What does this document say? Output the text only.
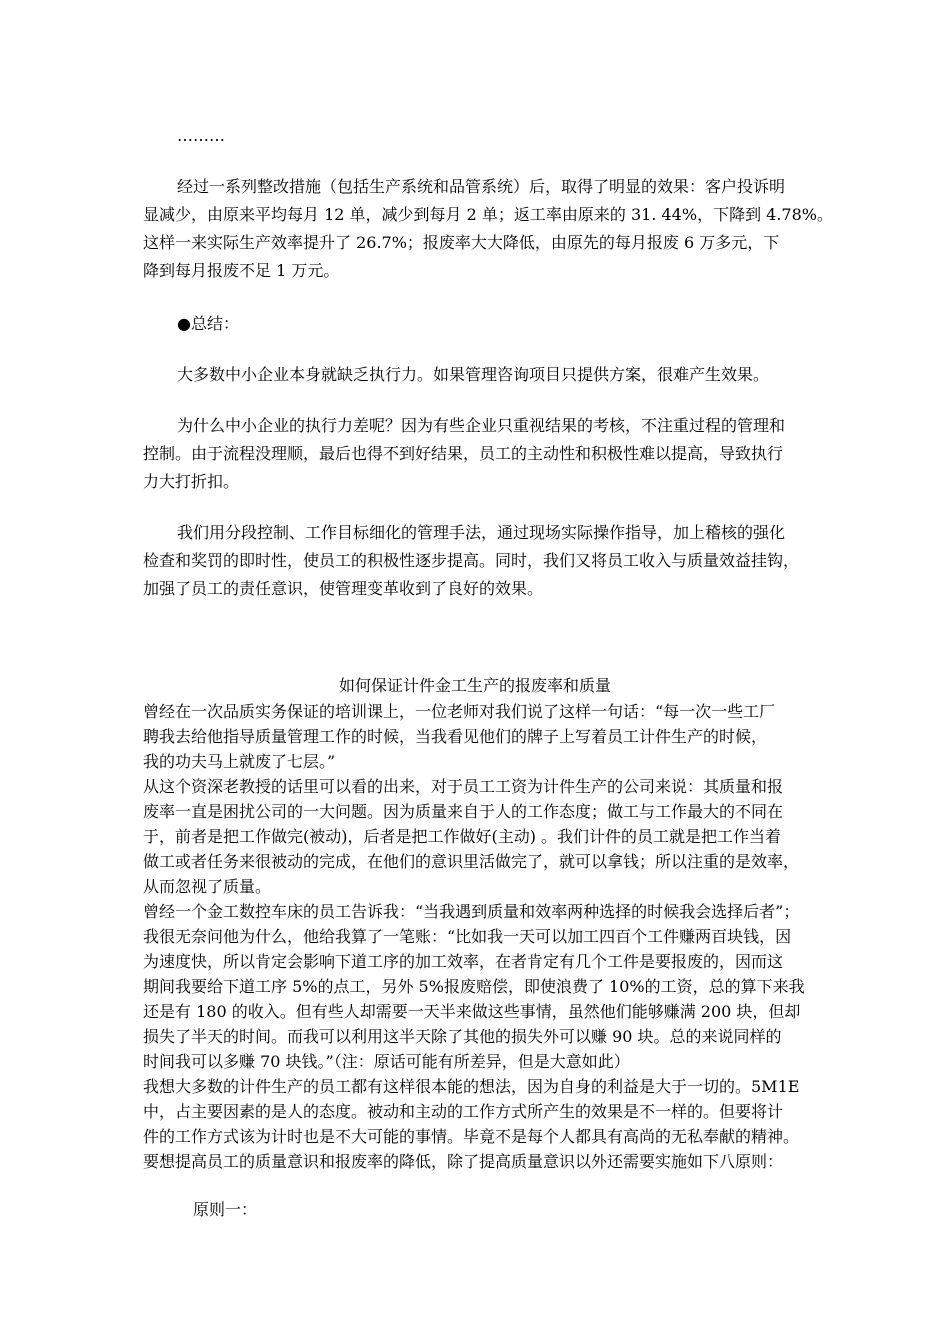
………
经过一系列整改措施（包括生产系统和品管系统）后，取得了明显的效果：客户投诉明
显减少，由原来平均每月 12 单，减少到每月 2 单；返工率由原来的 31. 44%，下降到 4.78%。
这样一来实际生产效率提升了 26.7%；报废率大大降低，由原先的每月报废 6 万多元，下
降到每月报废不足 1 万元。
●总结：
大多数中小企业本身就缺乏执行力。如果管理咨询项目只提供方案，很难产生效果。
为什么中小企业的执行力差呢？因为有些企业只重视结果的考核，不注重过程的管理和
控制。由于流程没理顺，最后也得不到好结果，员工的主动性和积极性难以提高，导致执行
力大打折扣。
我们用分段控制、工作目标细化的管理手法，通过现场实际操作指导，加上稽核的强化
检查和奖罚的即时性，使员工的积极性逐步提高。同时，我们又将员工收入与质量效益挂钩，
加强了员工的责任意识，使管理变革收到了良好的效果。
如何保证计件金工生产的报废率和质量
曾经在一次品质实务保证的培训课上，一位老师对我们说了这样一句话：“每一次一些工厂
聘我去给他指导质量管理工作的时候，当我看见他们的牌子上写着员工计件生产的时候，
我的功夫马上就废了七层。”
从这个资深老教授的话里可以看的出来，对于员工工资为计件生产的公司来说：其质量和报
废率一直是困扰公司的一大问题。因为质量来自于人的工作态度；做工与工作最大的不同在
于，前者是把工作做完(被动)，后者是把工作做好(主动) 。我们计件的员工就是把工作当着
做工或者任务来很被动的完成，在他们的意识里活做完了，就可以拿钱；所以注重的是效率，
从而忽视了质量。
曾经一个金工数控车床的员工告诉我：“当我遇到质量和效率两种选择的时候我会选择后者”；
我很无奈问他为什么，他给我算了一笔账：“比如我一天可以加工四百个工件赚两百块钱，因
为速度快，所以肯定会影响下道工序的加工效率，在者肯定有几个工件是要报废的，因而这
期间我要给下道工序 5%的点工，另外 5%报废赔偿，即使浪费了 10%的工资，总的算下来我
还是有 180 的收入。但有些人却需要一天半来做这些事情，虽然他们能够赚满 200 块，但却
损失了半天的时间。而我可以利用这半天除了其他的损失外可以赚 90 块。总的来说同样的
时间我可以多赚 70 块钱。”（注：原话可能有所差异，但是大意如此）
我想大多数的计件生产的员工都有这样很本能的想法，因为自身的利益是大于一切的。5M1E
中，占主要因素的是人的态度。被动和主动的工作方式所产生的效果是不一样的。但要将计
件的工作方式该为计时也是不大可能的事情。毕竟不是每个人都具有高尚的无私奉献的精神。
要想提高员工的质量意识和报废率的降低，除了提高质量意识以外还需要实施如下八原则：
原则一：
